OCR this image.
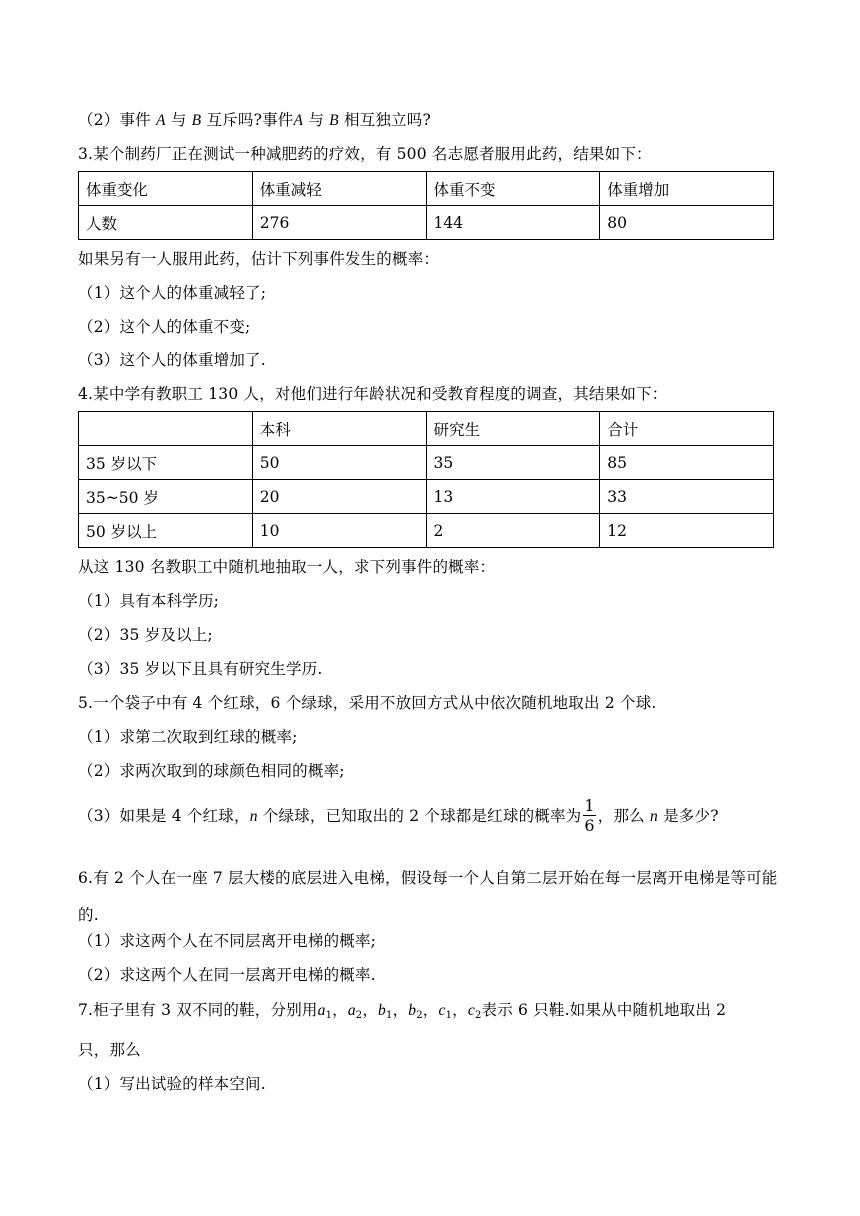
（2）事件 A 与 B 互斥吗?事件A 与 B 相互独立吗?
3.某个制药厂正在测试一种减肥药的疗效，有 500 名志愿者服用此药，结果如下：
体重变化	体重减轻	体重不变	体重增加
人数	276	144	80
如果另有一人服用此药，估计下列事件发生的概率：
（1）这个人的体重减轻了;
（2）这个人的体重不变;
（3）这个人的体重增加了.
4.某中学有教职工 130 人，对他们进行年龄状况和受教育程度的调查，其结果如下：
	本科	研究生	合计
35 岁以下	50	35	85
35~50 岁	20	13	33
50 岁以上	10	2	12
从这 130 名教职工中随机地抽取一人，求下列事件的概率：
（1）具有本科学历;
（2）35 岁及以上;
（3）35 岁以下且具有研究生学历.
5.一个袋子中有 4 个红球，6 个绿球，采用不放回方式从中依次随机地取出 2 个球.
（1）求第二次取到红球的概率;
（2）求两次取到的球颜色相同的概率;
（3）如果是 4 个红球，n 个绿球，已知取出的 2 个球都是红球的概率为 $\frac{1}{6}$ ，那么 n 是多少?
6.有 2 个人在一座 7 层大楼的底层进入电梯，假设每一个人自第二层开始在每一层离开电梯是等可能的.
（1）求这两个人在不同层离开电梯的概率;
（2）求这两个人在同一层离开电梯的概率.
7.柜子里有 3 双不同的鞋，分别用$a_1$，$a_2$，$b_1$，$b_2$，$c_1$，$c_2$表示 6 只鞋.如果从中随机地取出 2
只，那么
（1）写出试验的样本空间.
